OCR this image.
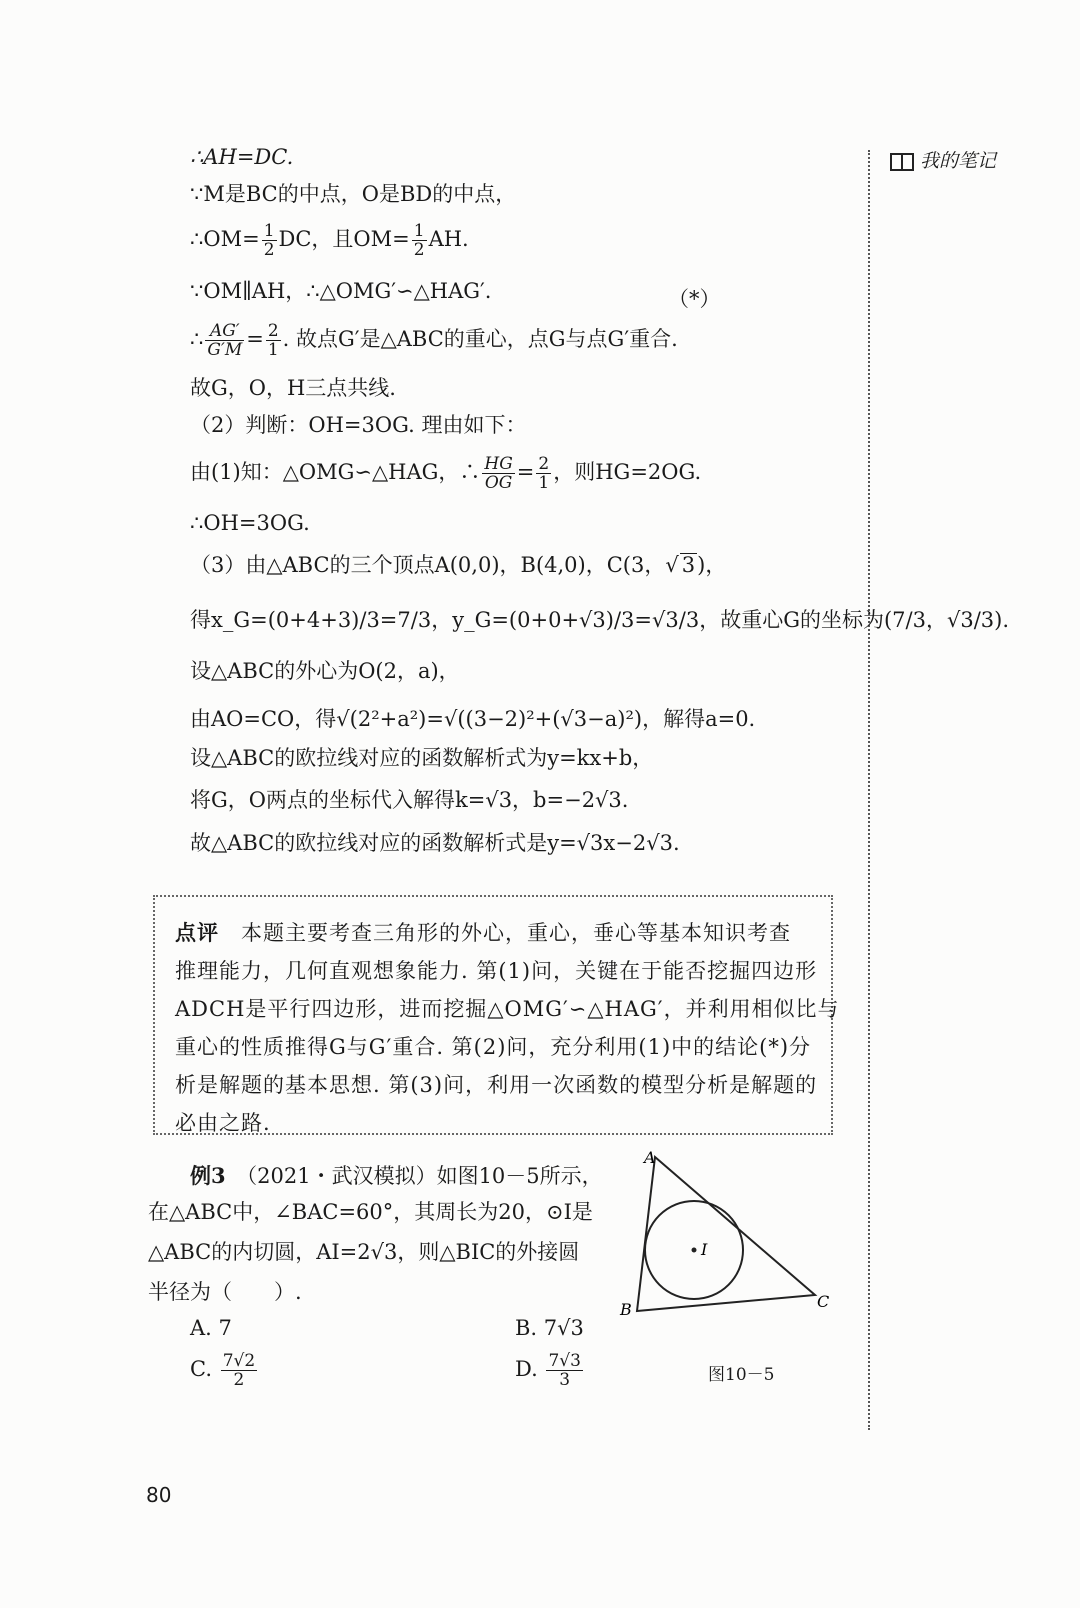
我的笔记
∴AH=DC.
∵M是BC的中点，O是BD的中点，
∴OM= $\frac{1}{2}$ DC，且$OM= \frac{1}{2}$ AH.
∵OM∥AH，∴△OMG′∽△HAG′.	（*）
∴ $\frac{AG'}{G'M} = \frac{2}{1}$ . 故点G′是△ABC的重心，点G与点G′重合.
故G，O，H三点共线.
（2）判断：OH=3OG. 理由如下：
由(1)知：△OMG∽△HAG，∴ $\frac{HG}{OG} = \frac{2}{1}$ ，则HG=2OG.
∴OH=3OG.
（3）由△ABC的三个顶点A(0,0)，B(4,0)，C(3，√ 3)，
得x_G=(0+4+3)/3=7/3，y_G=(0+0+√3)/3=√3/3，故重心G的坐标为(7/3，√3/3).
设△ABC的外心为O(2，a)，
由AO=CO，得√(2²+a²)=√((3−2)²+(√3−a)²)，解得a=0.
设△ABC的欧拉线对应的函数解析式为y=kx+b，
将G，O两点的坐标代入解得k=√3，b=−2√3.
故△ABC的欧拉线对应的函数解析式是y=√3x−2√3.
点评　 本题主要考查三角形的外心，重心，垂心等基本知识考查
推理能力，几何直观想象能力. 第(1)问，关键在于能否挖掘四边形
ADCH是平行四边形，进而挖掘△OMG′∽△HAG′，并利用相似比与
重心的性质推得G与G′重合. 第(2)问，充分利用(1)中的结论(*)分
析是解题的基本思想. 第(3)问，利用一次函数的模型分析是解题的
必由之路.
例3　 （2021・武汉模拟）如图10－5所示，
在△ABC中，∠BAC=60°，其周长为20，⊙I是
△ABC的内切圆，AI=2√3，则△BIC的外接圆
半径为（　　）.
A. 7	B. 7√3
C. $\frac{7√2}{2}$	D. $\frac{7√3}{3}$
A
B	C
I
图10－5
80
